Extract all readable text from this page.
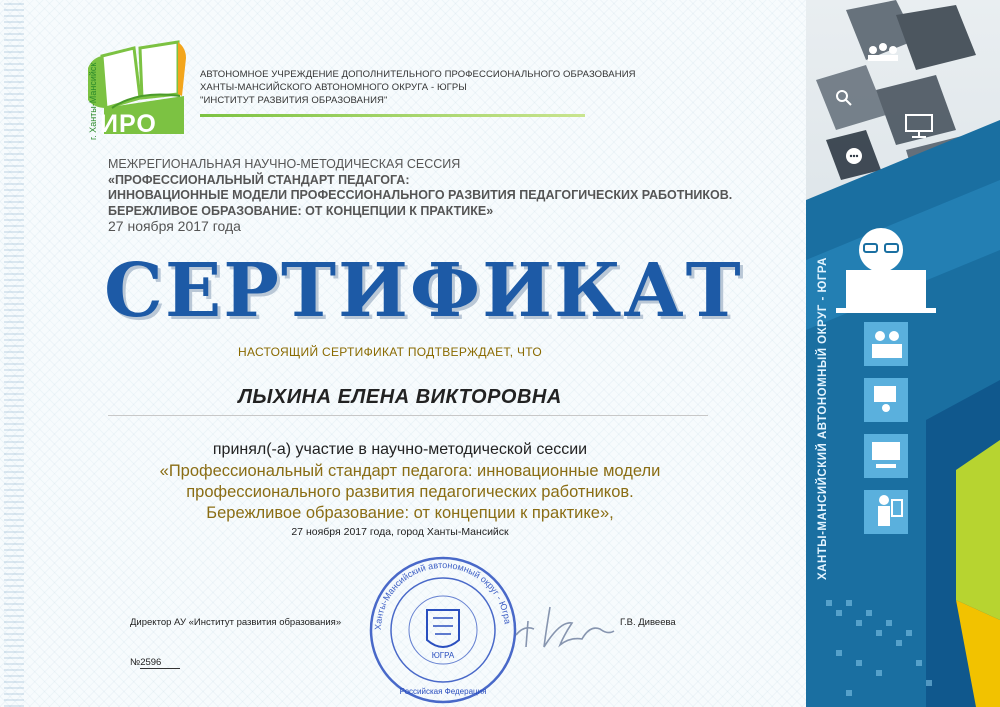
ИРО
г. Ханты-Мансийск	АВТОНОМНОЕ УЧРЕЖДЕНИЕ ДОПОЛНИТЕЛЬНОГО ПРОФЕССИОНАЛЬНОГО ОБРАЗОВАНИЯ
ХАНТЫ-МАНСИЙСКОГО АВТОНОМНОГО ОКРУГА - ЮГРЫ
"ИНСТИТУТ РАЗВИТИЯ ОБРАЗОВАНИЯ"
МЕЖРЕГИОНАЛЬНАЯ НАУЧНО-МЕТОДИЧЕСКАЯ СЕССИЯ
«ПРОФЕССИОНАЛЬНЫЙ СТАНДАРТ ПЕДАГОГА:
ИННОВАЦИОННЫЕ МОДЕЛИ ПРОФЕССИОНАЛЬНОГО РАЗВИТИЯ ПЕДАГОГИЧЕСКИХ РАБОТНИКОВ.
БЕРЕЖЛИВОЕ ОБРАЗОВАНИЕ: ОТ КОНЦЕПЦИИ К ПРАКТИКЕ»
27 ноября 2017 года
СЕРТИФИКАТ
НАСТОЯЩИЙ СЕРТИФИКАТ ПОДТВЕРЖДАЕТ, ЧТО
ЛЫХИНА ЕЛЕНА ВИКТОРОВНА
принял(-а) участие в научно-методической сессии
«Профессиональный стандарт педагога: инновационные модели
профессионального развития педагогических работников.
Бережливое образование: от концепции к практике»,
27 ноября 2017 года, город Ханты-Мансийск
Директор АУ «Институт развития образования»	Г.В. Дивеева
№2596
Ханты-Мансийский автономный округ - Югра
ЮГРА
Российская Федерация
ХАНТЫ-МАНСИЙСКИЙ АВТОНОМНЫЙ ОКРУГ - ЮГРА
